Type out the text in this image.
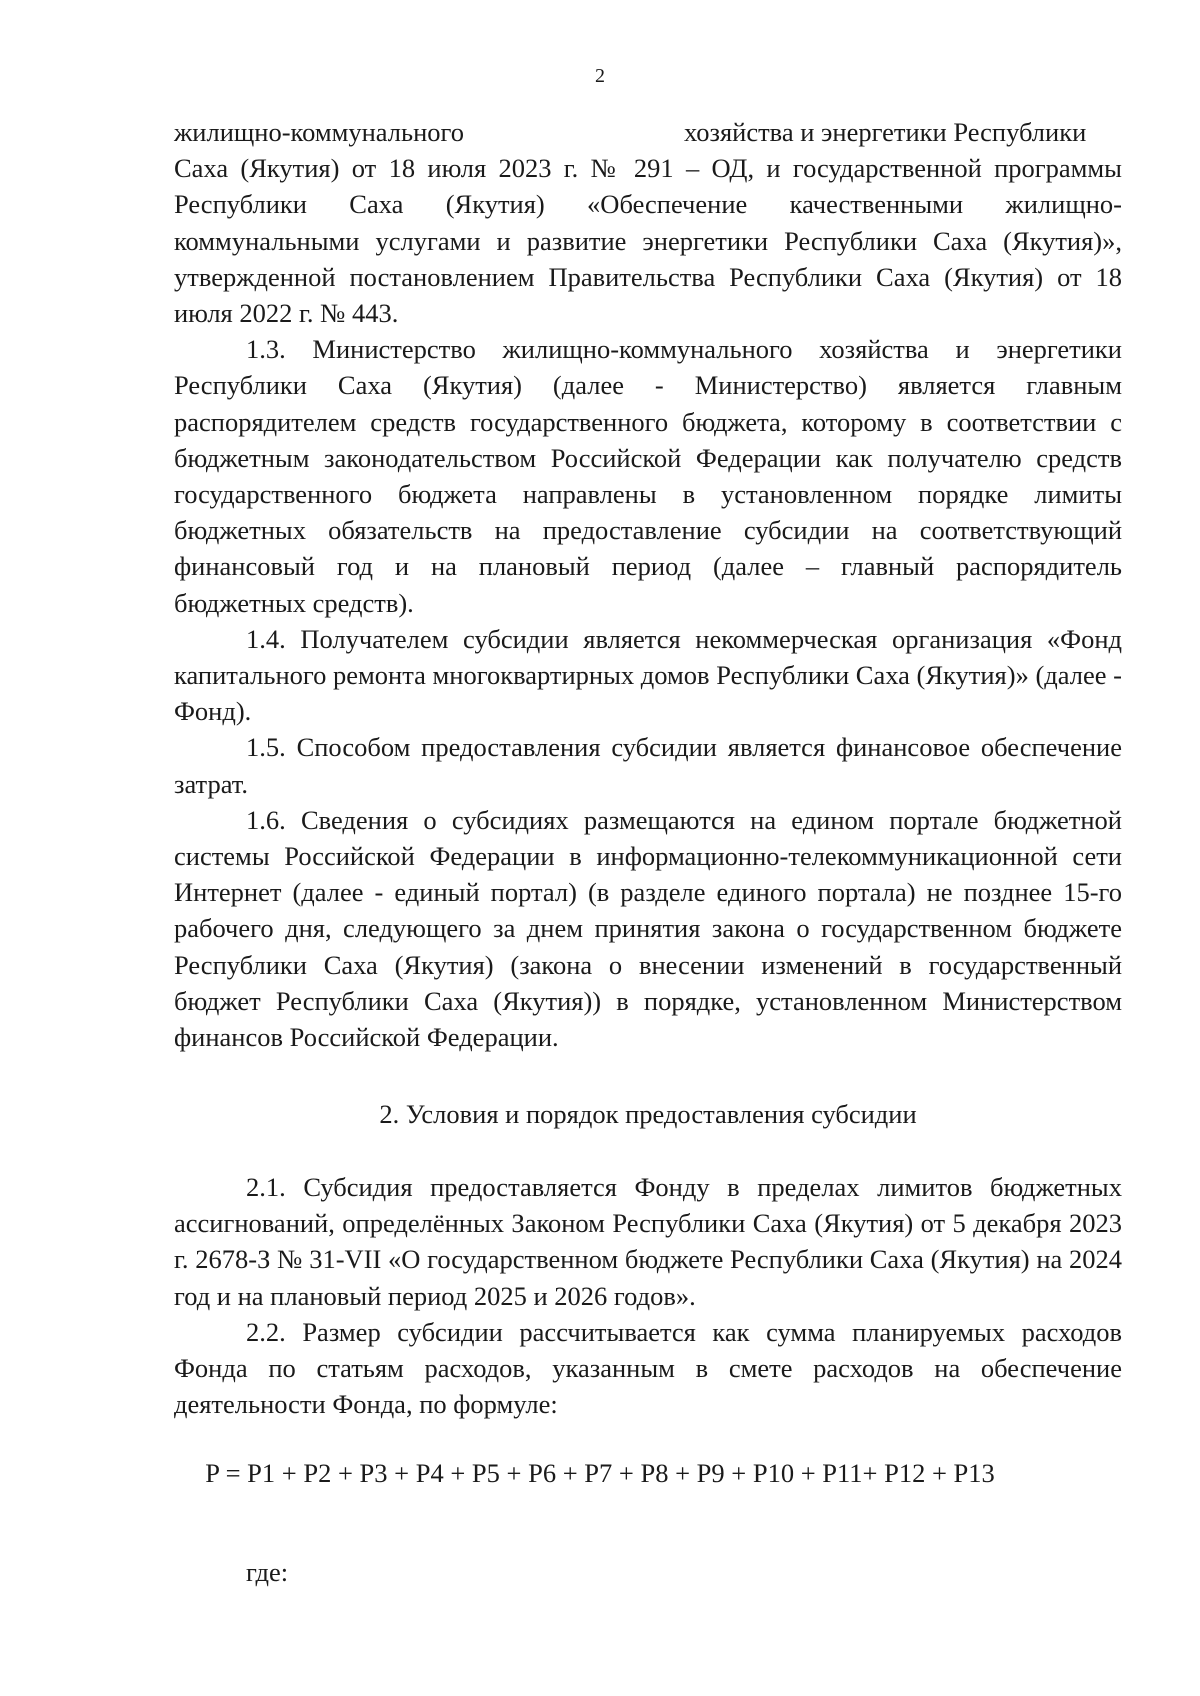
2
жилищно-коммунального	хозяйства и энергетики Республики

Саха (Якутия) от 18 июля 2023 г. № 291 – ОД, и государственной программы Республики Саха (Якутия) «Обеспечение качественными жилищно-коммунальными услугами и развитие энергетики Республики Саха (Якутия)», утвержденной постановлением Правительства Республики Саха (Якутия) от 18 июля 2022 г. № 443.

1.3. Министерство жилищно-коммунального хозяйства и энергетики Республики Саха (Якутия) (далее - Министерство) является главным распорядителем средств государственного бюджета, которому в соответствии с бюджетным законодательством Российской Федерации как получателю средств государственного бюджета направлены в установленном порядке лимиты бюджетных обязательств на предоставление субсидии на соответствующий финансовый год и на плановый период (далее – главный распорядитель бюджетных средств).

1.4. Получателем субсидии является некоммерческая организация «Фонд капитального ремонта многоквартирных домов Республики Саха (Якутия)» (далее - Фонд).

1.5. Способом предоставления субсидии является финансовое обеспечение затрат.

1.6. Сведения о субсидиях размещаются на едином портале бюджетной системы Российской Федерации в информационно-телекоммуникационной сети Интернет (далее - единый портал) (в разделе единого портала) не позднее 15-го рабочего дня, следующего за днем принятия закона о государственном бюджете Республики Саха (Якутия) (закона о внесении изменений в государственный бюджет Республики Саха (Якутия)) в порядке, установленном Министерством финансов Российской Федерации.

2. Условия и порядок предоставления субсидии

2.1. Субсидия предоставляется Фонду в пределах лимитов бюджетных ассигнований, определённых Законом Республики Саха (Якутия) от 5 декабря 2023 г. 2678-З № 31-VII «О государственном бюджете Республики Саха (Якутия) на 2024 год и на плановый период 2025 и 2026 годов».

2.2. Размер субсидии рассчитывается как сумма планируемых расходов Фонда по статьям расходов, указанным в смете расходов на обеспечение деятельности Фонда, по формуле:

P = P1 + P2 + P3 + P4 + P5 + P6 + P7 + P8 + P9 + P10 + P11+ P12 + P13
где:
